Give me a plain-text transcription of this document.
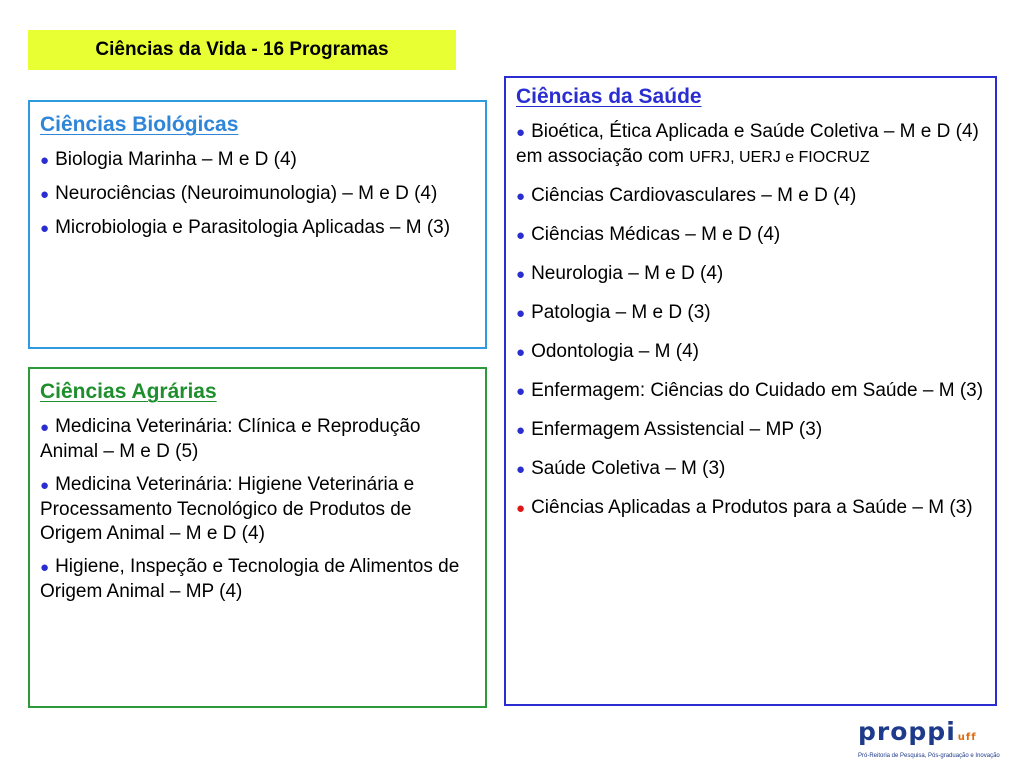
Ciências da Vida - 16 Programas
Ciências Biológicas
● Biologia Marinha – M e D (4)
● Neurociências (Neuroimunologia) – M e D (4)
● Microbiologia e Parasitologia Aplicadas – M (3)
Ciências Agrárias
● Medicina Veterinária: Clínica e Reprodução Animal – M e D (5)
● Medicina Veterinária: Higiene Veterinária e Processamento Tecnológico de Produtos de Origem Animal – M e D (4)
● Higiene, Inspeção e Tecnologia de Alimentos de Origem Animal – MP (4)
Ciências da Saúde
● Bioética, Ética Aplicada e Saúde Coletiva – M e D (4) em associação com UFRJ, UERJ e FIOCRUZ
● Ciências Cardiovasculares – M e D (4)
● Ciências Médicas – M e D (4)
● Neurologia – M e D (4)
● Patologia – M e D (3)
● Odontologia – M (4)
● Enfermagem: Ciências do Cuidado em Saúde – M (3)
● Enfermagem Assistencial – MP (3)
● Saúde Coletiva – M (3)
● Ciências Aplicadas a Produtos para a Saúde – M (3)
proppi uff
Pró-Reitoria de Pesquisa, Pós-graduação e Inovação
